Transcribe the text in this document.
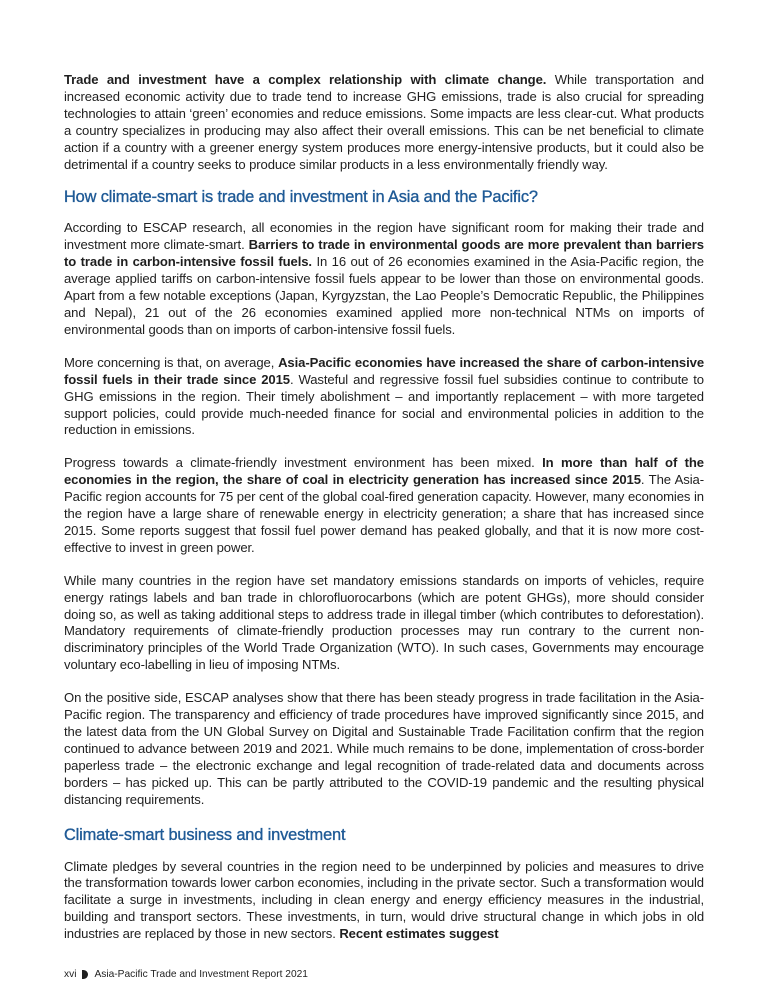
Trade and investment have a complex relationship with climate change. While transportation and increased economic activity due to trade tend to increase GHG emissions, trade is also crucial for spreading technologies to attain ‘green’ economies and reduce emissions. Some impacts are less clear-cut. What products a country specializes in producing may also affect their overall emissions. This can be net beneficial to climate action if a country with a greener energy system produces more energy-intensive products, but it could also be detrimental if a country seeks to produce similar products in a less environmentally friendly way.

How climate-smart is trade and investment in Asia and the Pacific?

According to ESCAP research, all economies in the region have significant room for making their trade and investment more climate-smart. Barriers to trade in environmental goods are more prevalent than barriers to trade in carbon-intensive fossil fuels. In 16 out of 26 economies examined in the Asia-Pacific region, the average applied tariffs on carbon-intensive fossil fuels appear to be lower than those on environmental goods. Apart from a few notable exceptions (Japan, Kyrgyzstan, the Lao People’s Democratic Republic, the Philippines and Nepal), 21 out of the 26 economies examined applied more non-technical NTMs on imports of environmental goods than on imports of carbon-intensive fossil fuels.

More concerning is that, on average, Asia-Pacific economies have increased the share of carbon-intensive fossil fuels in their trade since 2015. Wasteful and regressive fossil fuel subsidies continue to contribute to GHG emissions in the region. Their timely abolishment – and importantly replacement – with more targeted support policies, could provide much-needed finance for social and environmental policies in addition to the reduction in emissions.

Progress towards a climate-friendly investment environment has been mixed. In more than half of the economies in the region, the share of coal in electricity generation has increased since 2015. The Asia-Pacific region accounts for 75 per cent of the global coal-fired generation capacity. However, many economies in the region have a large share of renewable energy in electricity generation; a share that has increased since 2015. Some reports suggest that fossil fuel power demand has peaked globally, and that it is now more cost-effective to invest in green power.

While many countries in the region have set mandatory emissions standards on imports of vehicles, require energy ratings labels and ban trade in chlorofluorocarbons (which are potent GHGs), more should consider doing so, as well as taking additional steps to address trade in illegal timber (which contributes to deforestation). Mandatory requirements of climate-friendly production processes may run contrary to the current non-discriminatory principles of the World Trade Organization (WTO). In such cases, Governments may encourage voluntary eco-labelling in lieu of imposing NTMs.

On the positive side, ESCAP analyses show that there has been steady progress in trade facilitation in the Asia-Pacific region. The transparency and efficiency of trade procedures have improved significantly since 2015, and the latest data from the UN Global Survey on Digital and Sustainable Trade Facilitation confirm that the region continued to advance between 2019 and 2021. While much remains to be done, implementation of cross-border paperless trade – the electronic exchange and legal recognition of trade-related data and documents across borders – has picked up. This can be partly attributed to the COVID-19 pandemic and the resulting physical distancing requirements.

Climate-smart business and investment

Climate pledges by several countries in the region need to be underpinned by policies and measures to drive the transformation towards lower carbon economies, including in the private sector. Such a transformation would facilitate a surge in investments, including in clean energy and energy efficiency measures in the industrial, building and transport sectors. These investments, in turn, would drive structural change in which jobs in old industries are replaced by those in new sectors. Recent estimates suggest

xvi Asia-Pacific Trade and Investment Report 2021
